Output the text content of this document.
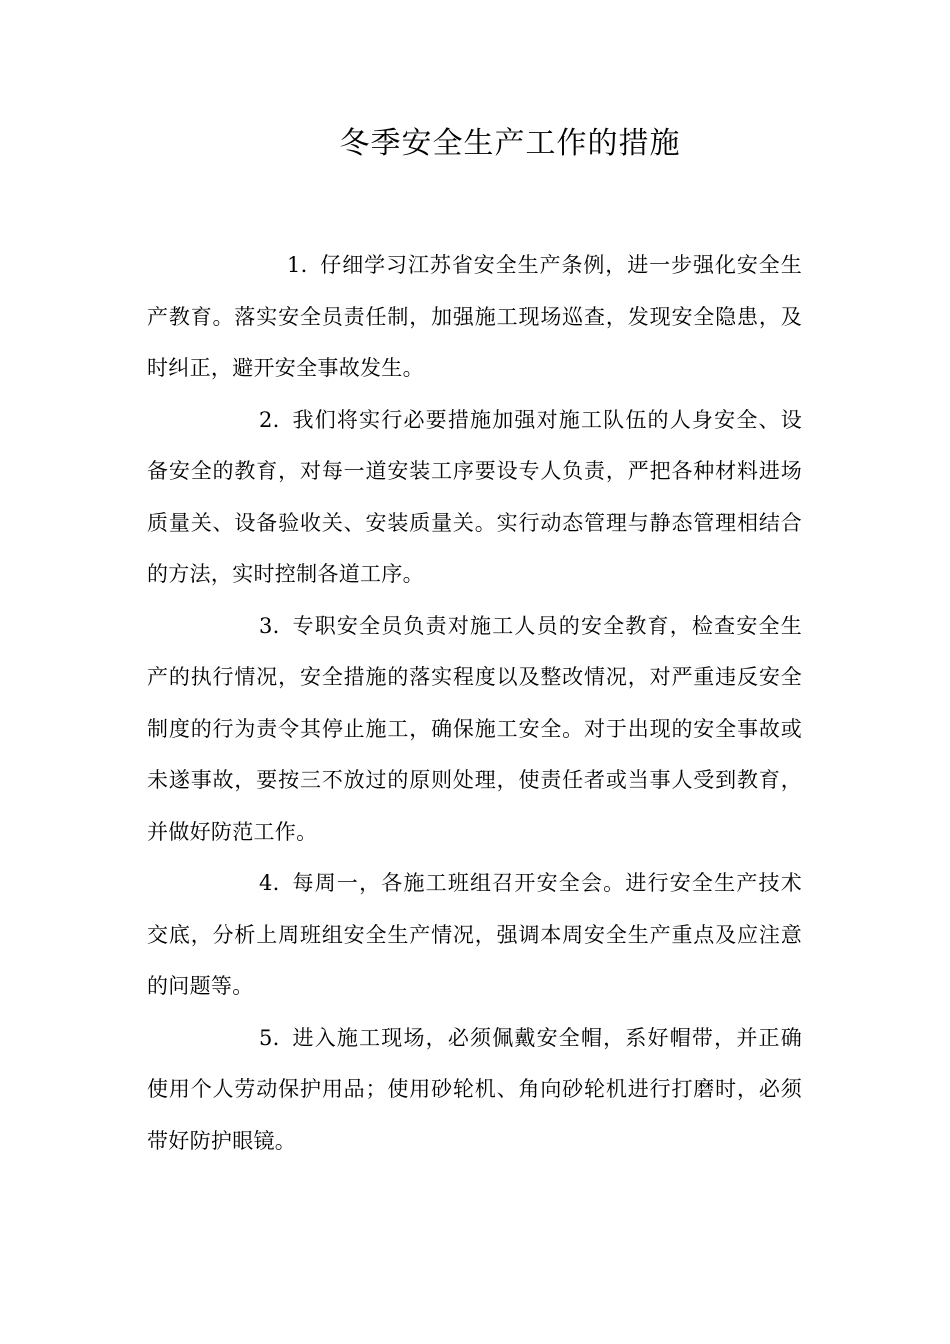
冬季安全生产工作的措施

1. 仔细学习江苏省安全生产条例，进一步强化安全生产教育。落实安全员责任制，加强施工现场巡查，发现安全隐患，及时纠正，避开安全事故发生。

2. 我们将实行必要措施加强对施工队伍的人身安全、设备安全的教育，对每一道安装工序要设专人负责，严把各种材料进场质量关、设备验收关、安装质量关。实行动态管理与静态管理相结合的方法，实时控制各道工序。

3. 专职安全员负责对施工人员的安全教育，检查安全生产的执行情况，安全措施的落实程度以及整改情况，对严重违反安全制度的行为责令其停止施工，确保施工安全。对于出现的安全事故或未遂事故，要按三不放过的原则处理，使责任者或当事人受到教育，并做好防范工作。

4. 每周一，各施工班组召开安全会。进行安全生产技术交底，分析上周班组安全生产情况，强调本周安全生产重点及应注意的问题等。

5. 进入施工现场，必须佩戴安全帽，系好帽带，并正确使用个人劳动保护用品；使用砂轮机、角向砂轮机进行打磨时，必须带好防护眼镜。
